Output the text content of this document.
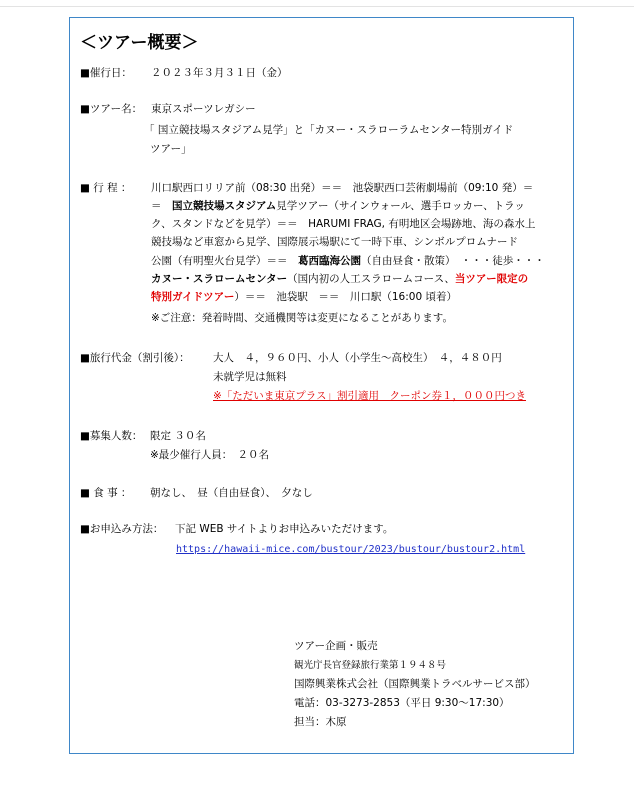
＜ツアー概要＞
■催行日： ２０２３年３月３１日（金）
■ツアー名： 東京スポーツレガシー
「 国立競技場スタジアム見学」と「カヌー・スラローラムセンター特別ガイド
ツアー」
■ 行 程 ： 川口駅西口リリア前（08:30 出発）＝＝　池袋駅西口芸術劇場前（09:10 発）＝
＝　国立競技場スタジアム見学ツアー（サインウォール、選手ロッカー、トラッ
ク、スタンドなどを見学）＝＝　HARUMI FRAG, 有明地区会場跡地、海の森水上
競技場など車窓から見学、国際展示場駅にて一時下車、シンボルプロムナード
公園（有明聖火台見学）＝＝　葛西臨海公園（自由昼食・散策）　・・・徒歩・・・
カヌー・スラロームセンター（国内初の人工スラロームコース、当ツアー限定の
特別ガイドツアー）＝＝　池袋駅　＝＝　川口駅（16:00 頃着）
※ご注意：発着時間、交通機関等は変更になることがあります。
■旅行代金（割引後）： 大人　４，９６０円、小人（小学生～高校生）　４，４８０円
未就学児は無料
※「ただいま東京プラス」割引適用　クーポン券１，０００円つき
■募集人数： 限定 ３０名
※最少催行人員：　２０名
■ 食 事 ： 朝なし、　昼（自由昼食）、　夕なし
■お申込み方法： 下記 WEB サイトよりお申込みいただけます。
https://hawaii-mice.com/bustour/2023/bustour/bustour2.html
ツアー企画・販売
観光庁長官登録旅行業第１９４８号
国際興業株式会社（国際興業トラベルサービス部）
電話：03-3273-2853（平日 9:30～17:30）
担当：木原
